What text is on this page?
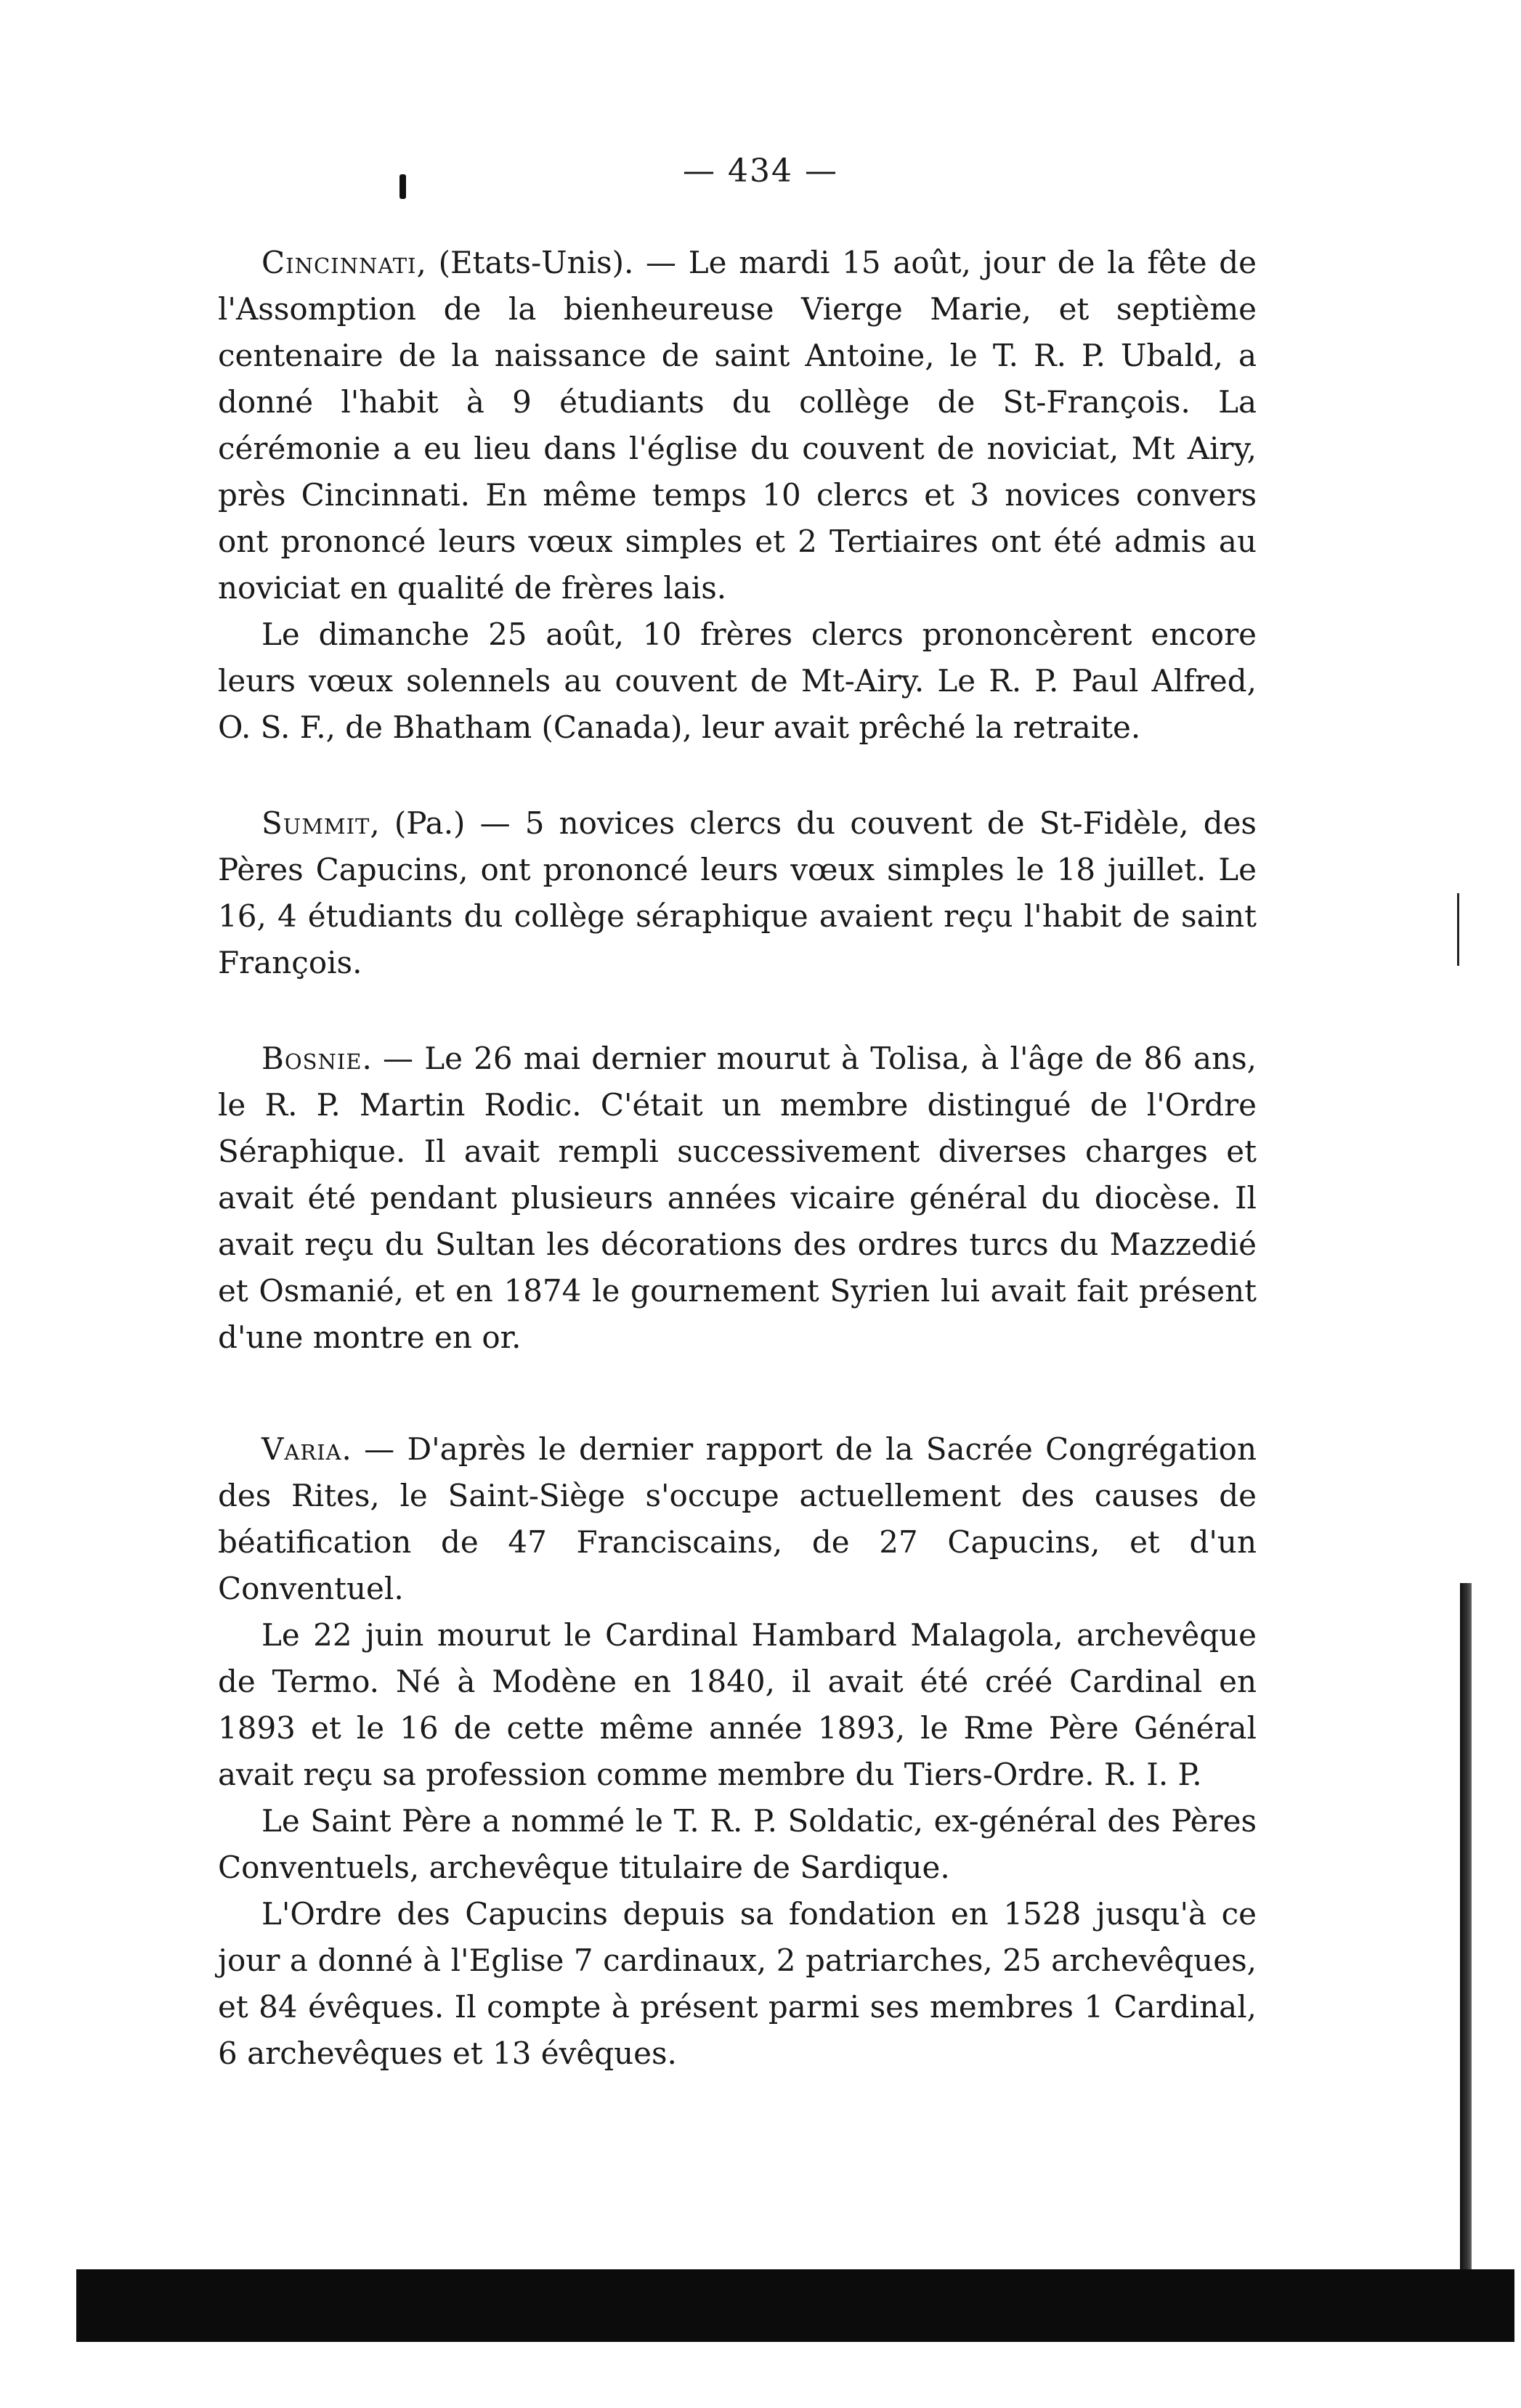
— 434 —

Cincinnati, (Etats-Unis). — Le mardi 15 août, jour de la fête de l'Assomption de la bienheureuse Vierge Marie, et septième centenaire de la naissance de saint Antoine, le T. R. P. Ubald, a donné l'habit à 9 étudiants du collège de St-François. La cérémonie a eu lieu dans l'église du couvent de noviciat, Mt Airy, près Cincinnati. En même temps 10 clercs et 3 novices convers ont prononcé leurs vœux simples et 2 Tertiaires ont été admis au noviciat en qualité de frères lais.

Le dimanche 25 août, 10 frères clercs prononcèrent encore leurs vœux solennels au couvent de Mt-Airy. Le R. P. Paul Alfred, O. S. F., de Bhatham (Canada), leur avait prêché la retraite.

Summit, (Pa.) — 5 novices clercs du couvent de St-Fidèle, des Pères Capucins, ont prononcé leurs vœux simples le 18 juillet. Le 16, 4 étudiants du collège séraphique avaient reçu l'habit de saint François.

Bosnie. — Le 26 mai dernier mourut à Tolisa, à l'âge de 86 ans, le R. P. Martin Rodic. C'était un membre distingué de l'Ordre Séraphique. Il avait rempli successivement diverses charges et avait été pendant plusieurs années vicaire général du diocèse. Il avait reçu du Sultan les décorations des ordres turcs du Mazzedié et Osmanié, et en 1874 le gournement Syrien lui avait fait présent d'une montre en or.

Varia. — D'après le dernier rapport de la Sacrée Congrégation des Rites, le Saint-Siège s'occupe actuellement des causes de béatification de 47 Franciscains, de 27 Capucins, et d'un Conventuel.

Le 22 juin mourut le Cardinal Hambard Malagola, archevêque de Termo. Né à Modène en 1840, il avait été créé Cardinal en 1893 et le 16 de cette même année 1893, le Rme Père Général avait reçu sa profession comme membre du Tiers-Ordre. R. I. P.

Le Saint Père a nommé le T. R. P. Soldatic, ex-général des Pères Conventuels, archevêque titulaire de Sardique.

L'Ordre des Capucins depuis sa fondation en 1528 jusqu'à ce jour a donné à l'Eglise 7 cardinaux, 2 patriarches, 25 archevêques, et 84 évêques. Il compte à présent parmi ses membres 1 Cardinal, 6 archevêques et 13 évêques.
